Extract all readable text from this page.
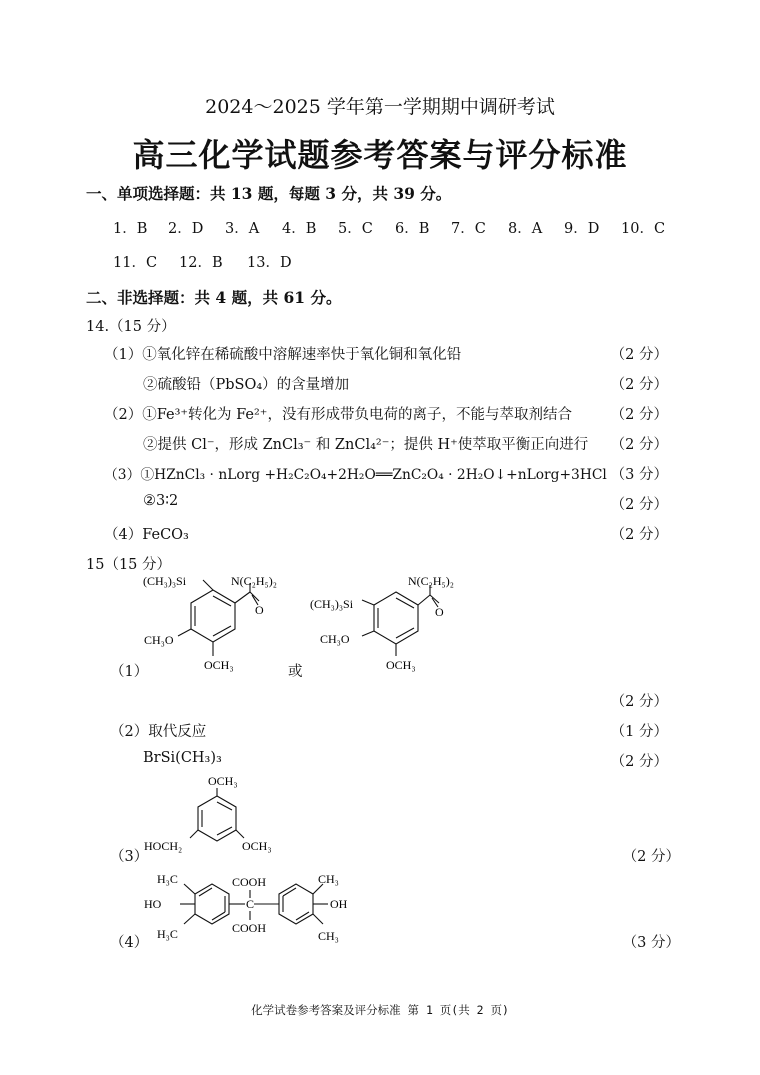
2024～2025 学年第一学期期中调研考试
高三化学试题参考答案与评分标准
一、单项选择题：共 13 题，每题 3 分，共 39 分。
1．B 2．D 3．A 4．B 5．C 6．B 7．C 8．A 9．D 10．C
11．C 12．B 13．D
二、非选择题：共 4 题，共 61 分。
14.（15 分）
（1）①氧化锌在稀硫酸中溶解速率快于氧化铜和氧化铅	（2 分）
②硫酸铅（PbSO₄）的含量增加	（2 分）
（2）①Fe³⁺转化为 Fe²⁺，没有形成带负电荷的离子，不能与萃取剂结合	（2 分）
②提供 Cl⁻，形成 ZnCl₃⁻ 和 ZnCl₄²⁻；提供 H⁺使萃取平衡正向进行 （2 分）
（3）①HZnCl₃ · nLorg +H₂C₂O₄+2H₂O══ZnC₂O₄ · 2H₂O↓+nLorg+3HCl （3 分）
②3∶2	（2 分）
（4）FeCO₃	（2 分）
15（15 分）
(CH₃)₃Si	N(C₂H₅)₂
O
CH₃O
OCH₃
N(C₂H₅)₂
O
(CH₃)₃Si
CH₃O
OCH₃
（1）	或
（2 分）
（2）取代反应	（1 分）
BrSi(CH₃)₃	（2 分）
OCH₃
HOCH₂	OCH₃
（3）	（2 分）
H₃C
HO
H₃C
COOH
C
COOH
CH₃
OH
CH₃
（4）	（3 分）
化学试卷参考答案及评分标准 第 1 页(共 2 页)
